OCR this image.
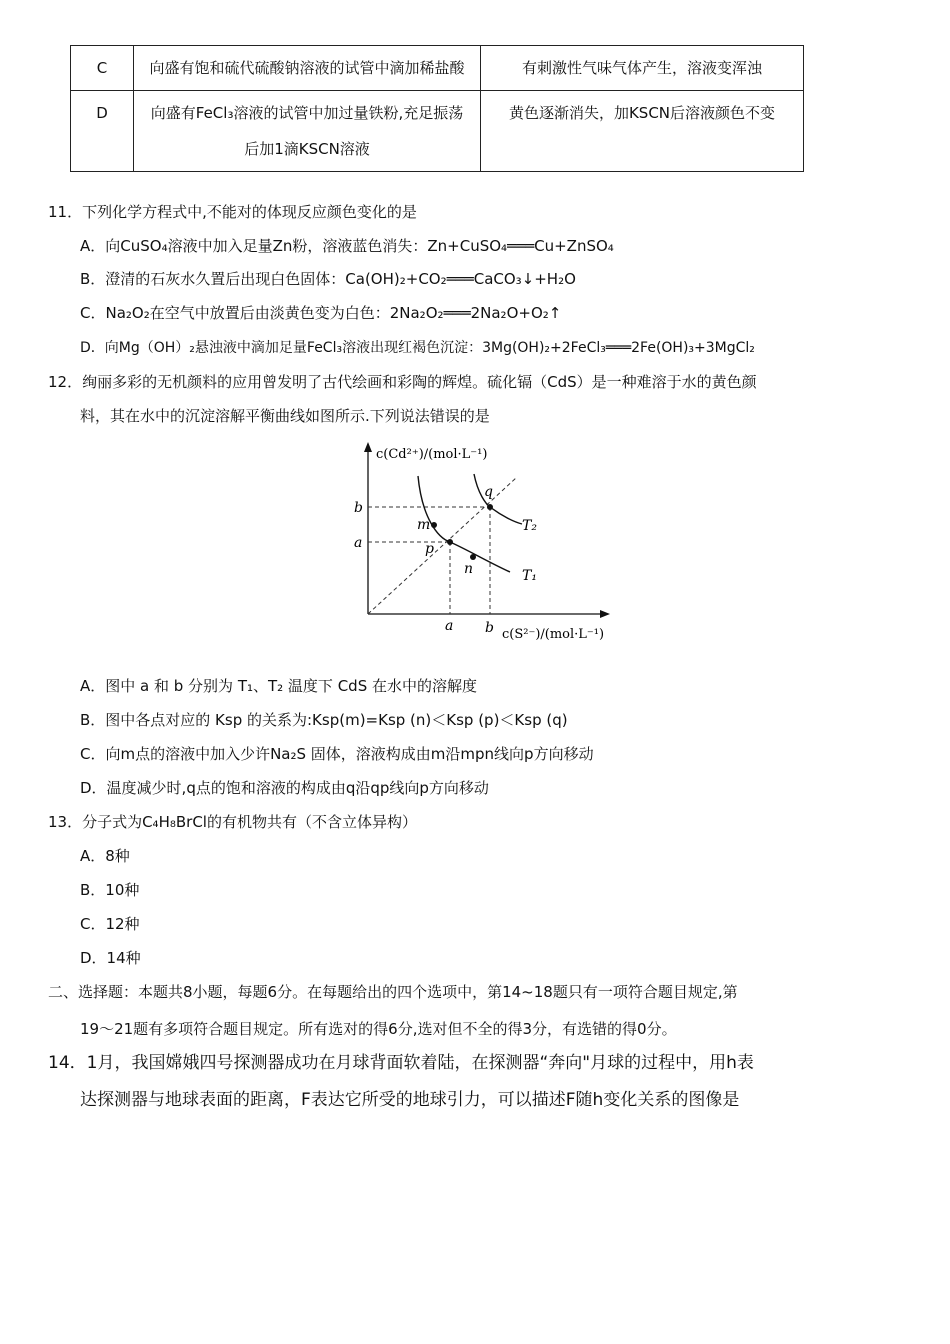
C	向盛有饱和硫代硫酸钠溶液的试管中滴加稀盐酸	有刺激性气味气体产生，溶液变浑浊
D	向盛有FeCl₃溶液的试管中加过量铁粉,充足振荡后加1滴KSCN溶液	黄色逐渐消失，加KSCN后溶液颜色不变
11．下列化学方程式中,不能对的体现反应颜色变化的是
A．向CuSO₄溶液中加入足量Zn粉，溶液蓝色消失：Zn+CuSO₄═══Cu+ZnSO₄
B．澄清的石灰水久置后出现白色固体：Ca(OH)₂+CO₂═══CaCO₃↓+H₂O
C．Na₂O₂在空气中放置后由淡黄色变为白色：2Na₂O₂═══2Na₂O+O₂↑
D．向Mg（OH）₂悬浊液中滴加足量FeCl₃溶液出现红褐色沉淀：3Mg(OH)₂+2FeCl₃═══2Fe(OH)₃+3MgCl₂
12．绚丽多彩的无机颜料的应用曾发明了古代绘画和彩陶的辉煌。硫化镉（CdS）是一种难溶于水的黄色颜
料，其在水中的沉淀溶解平衡曲线如图所示.下列说法错误的是
c(Cd²⁺)/(mol·L⁻¹)
c(S²⁻)/(mol·L⁻¹)
b
a
a b
m
p
n
q
T₂
T₁
A．图中 a 和 b 分别为 T₁、T₂ 温度下 CdS 在水中的溶解度
B．图中各点对应的 Ksp 的关系为:Ksp(m)=Ksp (n)＜Ksp (p)＜Ksp (q)
C．向m点的溶液中加入少许Na₂S 固体，溶液构成由m沿mpn线向p方向移动
D．温度减少时,q点的饱和溶液的构成由q沿qp线向p方向移动
13．分子式为C₄H₈BrCl的有机物共有（不含立体异构）
A．8种
B．10种
C．12种
D．14种
二、选择题：本题共8小题，每题6分。在每题给出的四个选项中，第14~18题只有一项符合题目规定,第
19～21题有多项符合题目规定。所有选对的得6分,选对但不全的得3分，有选错的得0分。
14．1月，我国嫦娥四号探测器成功在月球背面软着陆，在探测器“奔向"月球的过程中，用h表
达探测器与地球表面的距离，F表达它所受的地球引力，可以描述F随h变化关系的图像是
